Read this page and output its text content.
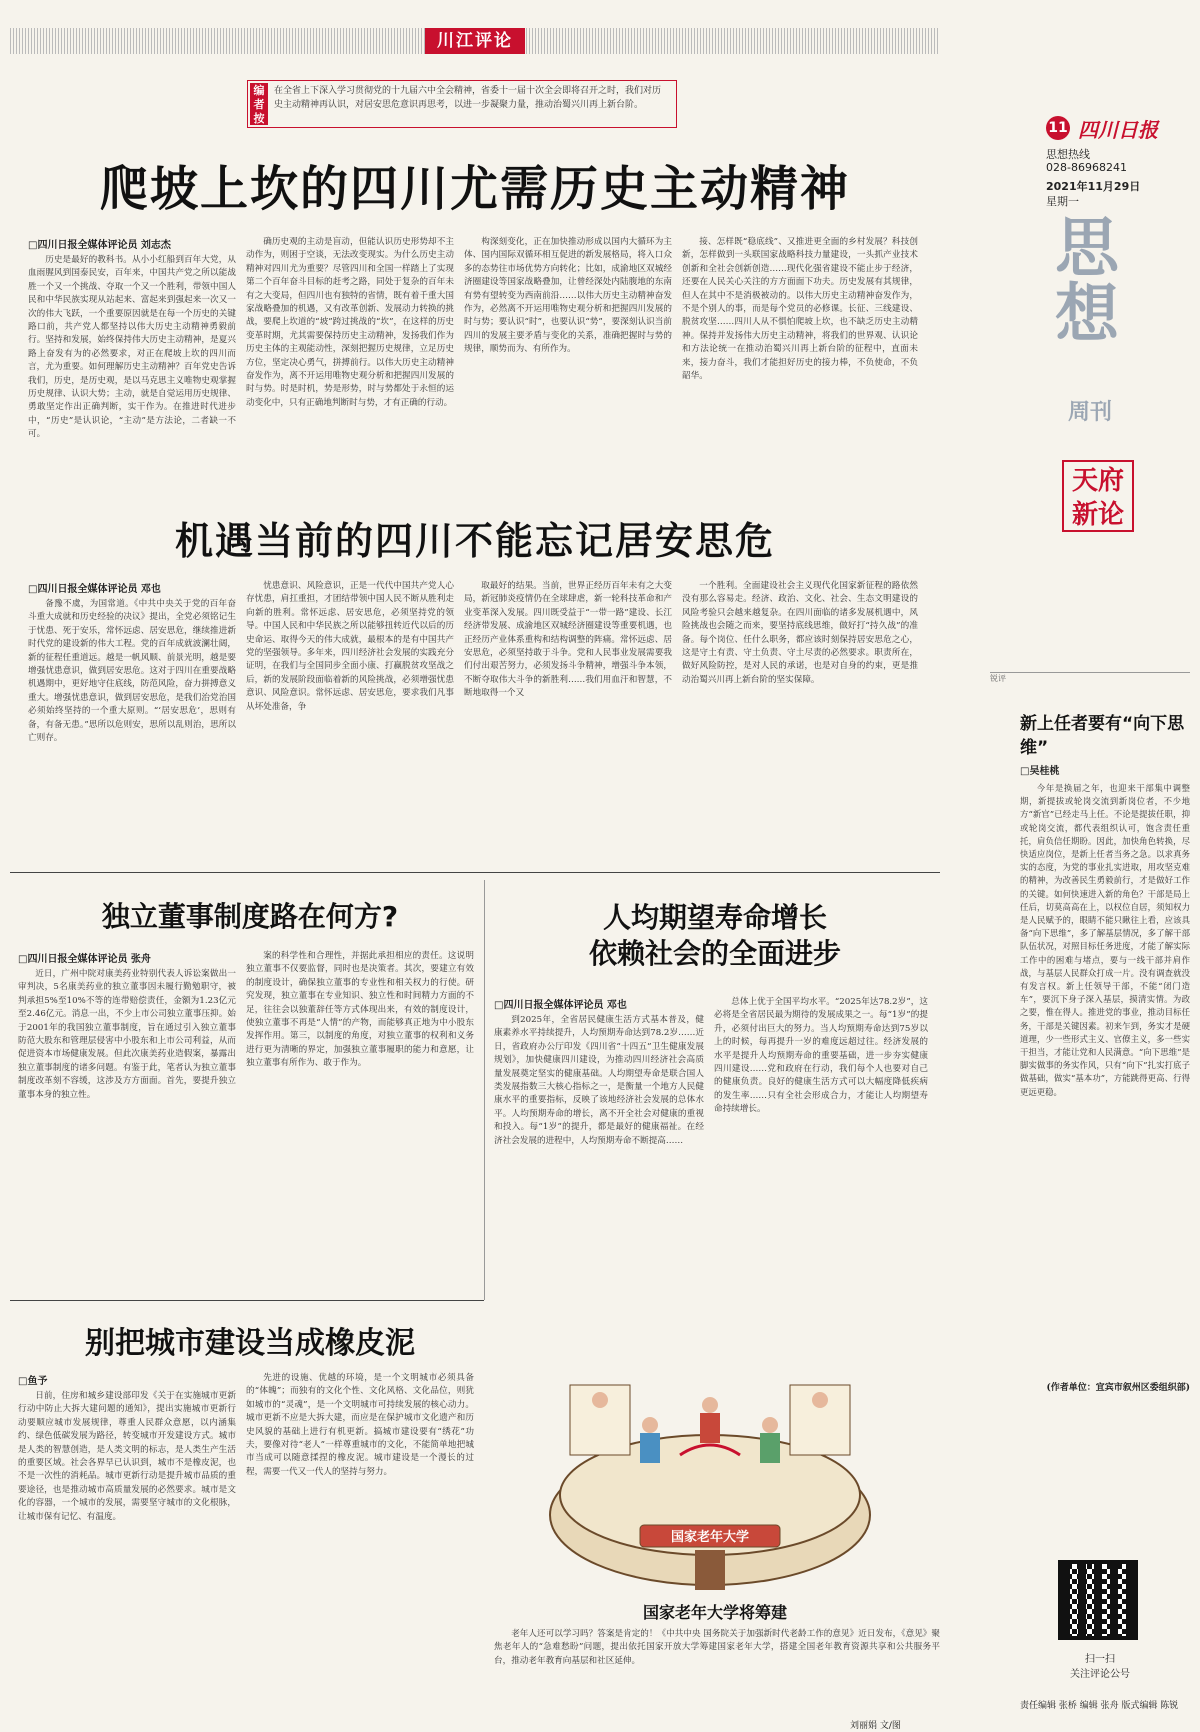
川江评论
编者按
在全省上下深入学习贯彻党的十九届六中全会精神，省委十一届十次全会即将召开之时，我们对历史主动精神再认识，对居安思危意识再思考，以进一步凝聚力量，推动治蜀兴川再上新台阶。
爬坡上坎的四川尤需历史主动精神
□四川日报全媒体评论员 刘志杰
历史是最好的教科书。从小小红船到百年大党，从血雨腥风到国泰民安，百年来，中国共产党之所以能战胜一个又一个挑战、夺取一个又一个胜利，带领中国人民和中华民族实现从站起来、富起来到强起来一次又一次的伟大飞跃，一个重要原因就是在每一个历史的关键路口前，共产党人都坚持以伟大历史主动精神勇毅前行。坚持和发展，始终保持伟大历史主动精神，是夏兴路上奋发有为的必然要求，对正在爬坡上坎的四川而言，尤为重要。如何理解历史主动精神？百年党史告诉我们，历史，是历史观，是以马克思主义唯物史观掌握历史规律、认识大势；主动，就是自觉运用历史规律、勇敢坚定作出正确判断，实干作为。在推进时代进步中，“历史”是认识论，“主动”是方法论，二者缺一不可。
确历史观的主动是盲动，但能认识历史形势却不主动作为，则困于空谈，无法改变现实。为什么历史主动精神对四川尤为重要？尽管四川和全国一样踏上了实现第二个百年奋斗目标的赶考之路，同处于复杂的百年未有之大变局，但四川也有独特的省情，既有着千重大国家战略叠加的机遇，又有改革创新、发展动力转换的挑战，要爬上坎道的“坡”跨过挑战的“坎”，在这样的历史变革时期，尤其需要保持历史主动精神，发扬我们作为历史主体的主观能动性，深刻把握历史规律，立足历史方位，坚定决心勇气，拼搏前行。以伟大历史主动精神奋发作为，离不开运用唯物史观分析和把握四川发展的时与势。时是时机，势是形势，时与势都处于永恒的运动变化中，只有正确地判断时与势，才有正确的行动。
构深刻变化，正在加快推动形成以国内大循环为主体、国内国际双循环相互促进的新发展格局，将入口众多的态势往市场优势方向转化；比如，成渝地区双城经济圈建设等国家战略叠加，让曾经深处内陆腹地的东南有势有望转变为西南前沿……以伟大历史主动精神奋发作为，必然离不开运用唯物史观分析和把握四川发展的时与势；要认识“时”，也要认识“势”，要深刻认识当前四川的发展主要矛盾与变化的关系，准确把握时与势的规律，顺势而为、有所作为。
接、怎样既“稳底线”、又推进更全面的乡村发展？科技创新，怎样做到一头联国家战略科技力量建设，一头抓产业技术创新和全社会创新创造……现代化强省建设不能止步于经济，还要在人民关心关注的方方面面下功夫。历史发展有其规律，但人在其中不是消极被动的。以伟大历史主动精神奋发作为，不是个别人的事，而是每个党员的必修课。长征、三线建设、脱贫攻坚……四川人从不惧怕爬坡上坎，也不缺乏历史主动精神。保持并发扬伟大历史主动精神，将我们的世界观、认识论和方法论统一在推动治蜀兴川再上新台阶的征程中，直面未来，接力奋斗，我们才能担好历史的接力棒，不负使命，不负韶华。
机遇当前的四川不能忘记居安思危
□四川日报全媒体评论员 邓也
备豫不虞，为国常道。《中共中央关于党的百年奋斗重大成就和历史经验的决议》提出，全党必须铭记生于忧患、死于安乐，常怀远虑、居安思危，继续推进新时代党的建设新的伟大工程。党的百年成就波澜壮阔，新的征程任重道远。越是一帆风顺、前景光明，越是要增强忧患意识，做到居安思危。这对于四川在重要战略机遇期中，更好地守住底线，防范风险，奋力拼搏意义重大。增强忧患意识，做到居安思危，是我们治党治国必须始终坚持的一个重大原则。“‘居安思危’，思则有备，有备无患。”思所以危则安，思所以乱则治，思所以亡则存。
忧患意识、风险意识，正是一代代中国共产党人心存忧患，肩扛重担，才团结带领中国人民不断从胜利走向新的胜利。常怀远虑、居安思危，必须坚持党的领导。中国人民和中华民族之所以能够扭转近代以后的历史命运、取得今天的伟大成就，最根本的是有中国共产党的坚强领导。多年来，四川经济社会发展的实践充分证明，在我们与全国同步全面小康、打赢脱贫攻坚战之后，新的发展阶段面临着新的风险挑战，必须增强忧患意识、风险意识。常怀远虑、居安思危，要求我们凡事从坏处准备，争
取最好的结果。当前，世界正经历百年未有之大变局，新冠肺炎疫情仍在全球肆虐，新一轮科技革命和产业变革深入发展。四川既受益于“一带一路”建设、长江经济带发展、成渝地区双城经济圈建设等重要机遇，也正经历产业体系重构和结构调整的阵痛。常怀远虑、居安思危，必须坚持敢于斗争。党和人民事业发展需要我们付出艰苦努力，必须发扬斗争精神，增强斗争本领，不断夺取伟大斗争的新胜利……我们用血汗和智慧，不断地取得一个又
一个胜利。全面建设社会主义现代化国家新征程的路依然没有那么容易走。经济、政治、文化、社会、生态文明建设的风险考验只会越来越复杂。在四川面临的诸多发展机遇中，风险挑战也会随之而来，要坚持底线思维，做好打“持久战”的准备。每个岗位、任什么职务，都应该时刻保持居安思危之心，这是守土有责、守土负责、守土尽责的必然要求。职责所在，做好风险防控，是对人民的承诺，也是对自身的约束，更是推动治蜀兴川再上新台阶的坚实保障。
独立董事制度路在何方?
□四川日报全媒体评论员 张舟
近日，广州中院对康美药业特别代表人诉讼案做出一审判决，5名康美药业的独立董事因未履行勤勉职守，被判承担5%至10%不等的连带赔偿责任，金额为1.23亿元至2.46亿元。消息一出，不少上市公司独立董事压抑。始于2001年的我国独立董事制度，旨在通过引入独立董事防范大股东和管理层侵害中小股东和上市公司利益，从而促进资本市场健康发展。但此次康美药业造假案，暴露出独立董事制度的诸多问题。有鉴于此，笔者认为独立董事制度改革刻不容缓，这涉及方方面面。首先，要提升独立董事本身的独立性。
案的科学性和合理性，并据此承担相应的责任。这说明独立董事不仅要监督，同时也是决策者。其次，要建立有效的制度设计，确保独立董事的专业性和相关权力的行使。研究发现，独立董事在专业知识、独立性和时间精力方面的不足，往往会以独董辞任等方式体现出来，有效的制度设计，使独立董事不再是“人情”的产物，而能够真正地为中小股东发挥作用。第三，以制度的角度，对独立董事的权利和义务进行更为清晰的界定，加强独立董事履职的能力和意愿，让独立董事有所作为、敢于作为。
人均期望寿命增长
依赖社会的全面进步
□四川日报全媒体评论员 邓也
到2025年，全省居民健康生活方式基本普及，健康素养水平持续提升，人均预期寿命达到78.2岁……近日，省政府办公厅印发《四川省“十四五”卫生健康发展规划》，加快健康四川建设，为推动四川经济社会高质量发展奠定坚实的健康基础。人均期望寿命是联合国人类发展指数三大核心指标之一，是衡量一个地方人民健康水平的重要指标，反映了该地经济社会发展的总体水平。人均预期寿命的增长，离不开全社会对健康的重视和投入。每“1岁”的提升，都是最好的健康福祉。在经济社会发展的进程中，人均预期寿命不断提高……
总体上优于全国平均水平。“2025年达78.2岁”，这必将是全省居民最为期待的发展成果之一。每“1岁”的提升，必须付出巨大的努力。当人均预期寿命达到75岁以上的时候，每再提升一岁的难度远超过往。经济发展的水平是提升人均预期寿命的重要基础，进一步夯实健康四川建设……党和政府在行动，我们每个人也要对自己的健康负责。良好的健康生活方式可以大幅度降低疾病的发生率……只有全社会形成合力，才能让人均期望寿命持续增长。
别把城市建设当成橡皮泥
□鱼予
日前，住房和城乡建设部印发《关于在实施城市更新行动中防止大拆大建问题的通知》，提出实施城市更新行动要顺应城市发展规律，尊重人民群众意愿，以内涵集约、绿色低碳发展为路径，转变城市开发建设方式。城市是人类的智慧创造，是人类文明的标志，是人类生产生活的重要区域。社会各界早已认识到，城市不是橡皮泥，也不是一次性的消耗品。城市更新行动是提升城市品质的重要途径，也是推动城市高质量发展的必然要求。城市是文化的容器，一个城市的发展，需要坚守城市的文化根脉，让城市保有记忆、有温度。
先进的设施、优越的环境，是一个文明城市必须具备的“体魄”；而独有的文化个性、文化风格、文化品位，则犹如城市的“灵魂”，是一个文明城市可持续发展的核心动力。城市更新不应是大拆大建，而应是在保护城市文化遗产和历史风貌的基础上进行有机更新。搞城市建设要有“绣花”功夫，要像对待“老人”一样尊重城市的文化，不能简单地把城市当成可以随意揉捏的橡皮泥。城市建设是一个漫长的过程，需要一代又一代人的坚持与努力。
国家老年大学
国家老年大学将筹建
老年人还可以学习吗？答案是肯定的！《中共中央 国务院关于加强新时代老龄工作的意见》近日发布，《意见》聚焦老年人的“急难愁盼”问题，提出依托国家开放大学筹建国家老年大学，搭建全国老年教育资源共享和公共服务平台，推动老年教育向基层和社区延伸。
刘丽娟 文/图
11 四川日报
思想热线
028-86968241
2021年11月29日
星期一
思
想
周刊
天府新论
锐评
新上任者要有“向下思维”
□吴桂桃
今年是换届之年，也迎来干部集中调整期，新提拔或轮岗交流到新岗位者，不少地方“新官”已经走马上任。不论是提拔任职，抑或轮岗交流，都代表组织认可，饱含责任重托，肩负信任期盼。因此，加快角色转换，尽快适应岗位，是新上任者当务之急。以求真务实的态度，为党的事业扎实进取，用攻坚克难的精神，为改善民生勇毅前行，才是做好工作的关键。如何快速进入新的角色？干部是局上任后，切莫高高在上，以权位自居，须知权力是人民赋予的，眼睛不能只瞅往上看，应该具备“向下思维”，多了解基层情况，多了解干部队伍状况，对照目标任务进度，才能了解实际工作中的困难与堵点，要与一线干部并肩作战，与基层人民群众打成一片。没有调查就没有发言权。新上任领导干部，不能“闭门造车”，要沉下身子深入基层，摸清实情。为政之要，惟在得人。推进党的事业，推动目标任务，干部是关键因素。初来乍到，务实才是硬道理，少一些形式主义、官僚主义，多一些实干担当，才能让党和人民满意。“向下思维”是脚实做事的务实作风，只有“向下”扎实打底子做基础，做实“基本功”，方能跳得更高、行得更远更稳。
(作者单位：宜宾市叙州区委组织部)
扫一扫
关注评论公号
责任编辑 张桥 编辑 张舟 版式编辑 陈锐
